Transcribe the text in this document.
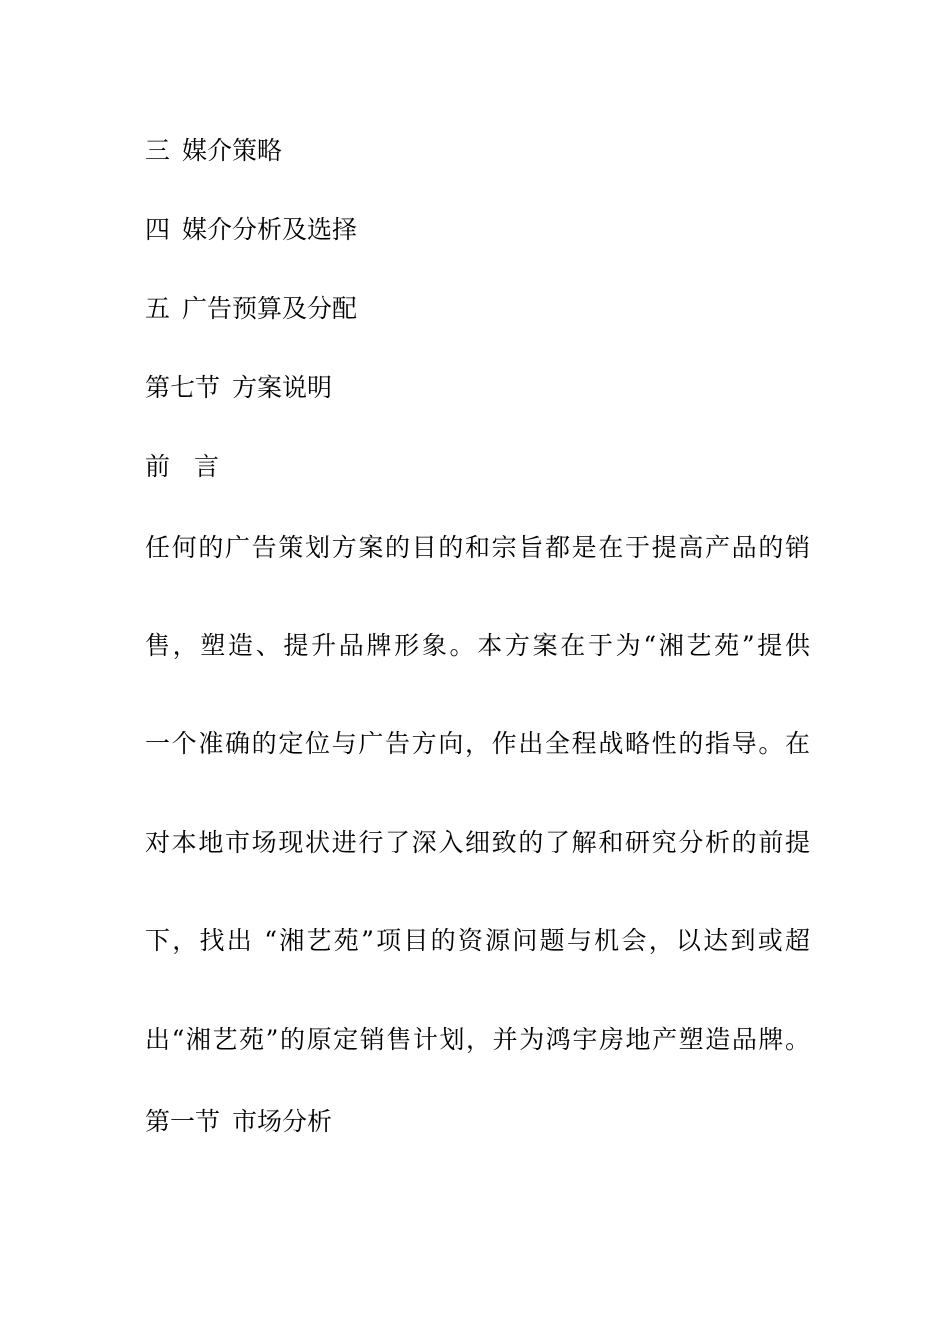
三 媒介策略
四 媒介分析及选择
五 广告预算及分配
第七节 方案说明
前 言
任何的广告策划方案的目的和宗旨都是在于提高产品的销
售，塑造、提升品牌形象。本方案在于为“湘艺苑”提供
一个准确的定位与广告方向，作出全程战略性的指导。在
对本地市场现状进行了深入细致的了解和研究分析的前提
下，找出 “湘艺苑”项目的资源问题与机会，以达到或超
出“湘艺苑”的原定销售计划，并为鸿宇房地产塑造品牌。
第一节 市场分析
